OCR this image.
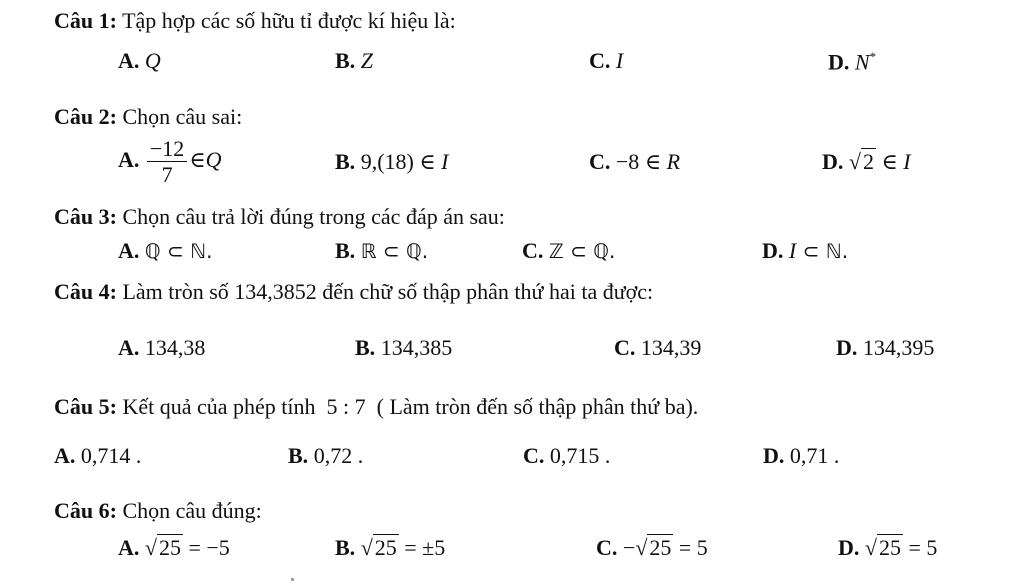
Câu 1: Tập hợp các số hữu tỉ được kí hiệu là:
A. Q	B. Z	C. I	D. N*
Câu 2: Chọn câu sai:
A. $\frac{-12}{7}$ ∈Q	B. 9,(18) ∈ I	C. −8 ∈ R	D. √2 ∈ I
Câu 3: Chọn câu trả lời đúng trong các đáp án sau:
A. ℚ ⊂ ℕ.	B. ℝ ⊂ ℚ.	C. ℤ ⊂ ℚ.	D. I ⊂ ℕ.
Câu 4: Làm tròn số 134,3852 đến chữ số thập phân thứ hai ta được:
A. 134,38	B. 134,385	C. 134,39	D. 134,395
Câu 5: Kết quả của phép tính  5 : 7  ( Làm tròn đến số thập phân thứ ba).
A. 0,714 .	B. 0,72 .	C. 0,715 .	D. 0,71 .
Câu 6: Chọn câu đúng:
A. √25 = −5	B. √25 = ±5	C. −√25 = 5	D. √25 = 5
